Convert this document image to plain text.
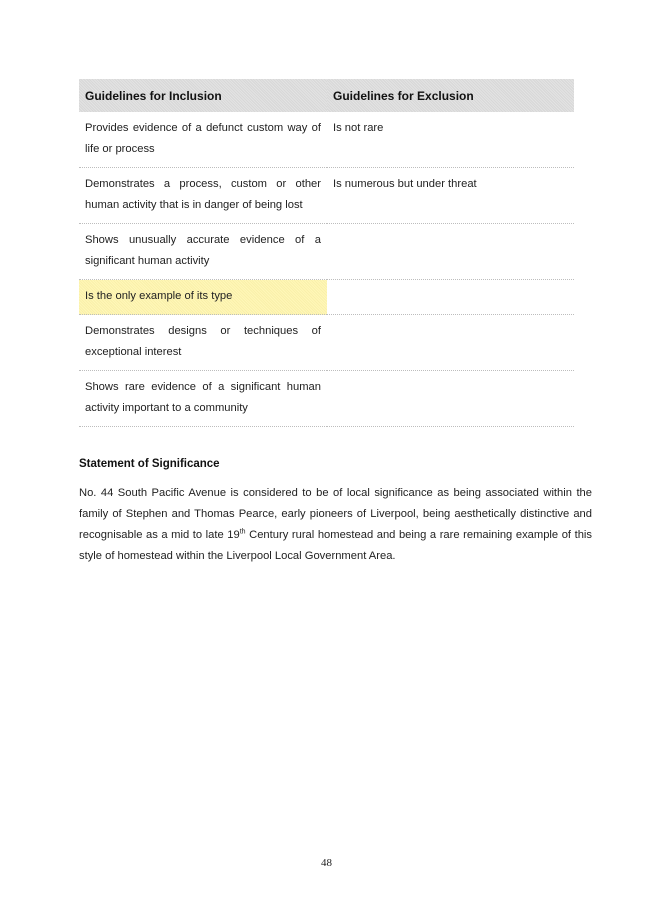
Guidelines for Inclusion	Guidelines for Exclusion
Provides evidence of a defunct custom way of life or process	Is not rare
Demonstrates a process, custom or other human activity that is in danger of being lost	Is numerous but under threat
Shows unusually accurate evidence of a significant human activity	
Is the only example of its type	
Demonstrates designs or techniques of exceptional interest	
Shows rare evidence of a significant human activity important to a community	
Statement of Significance

No. 44 South Pacific Avenue is considered to be of local significance as being associated within the family of Stephen and Thomas Pearce, early pioneers of Liverpool, being aesthetically distinctive and recognisable as a mid to late 19th Century rural homestead and being a rare remaining example of this style of homestead within the Liverpool Local Government Area.

48
